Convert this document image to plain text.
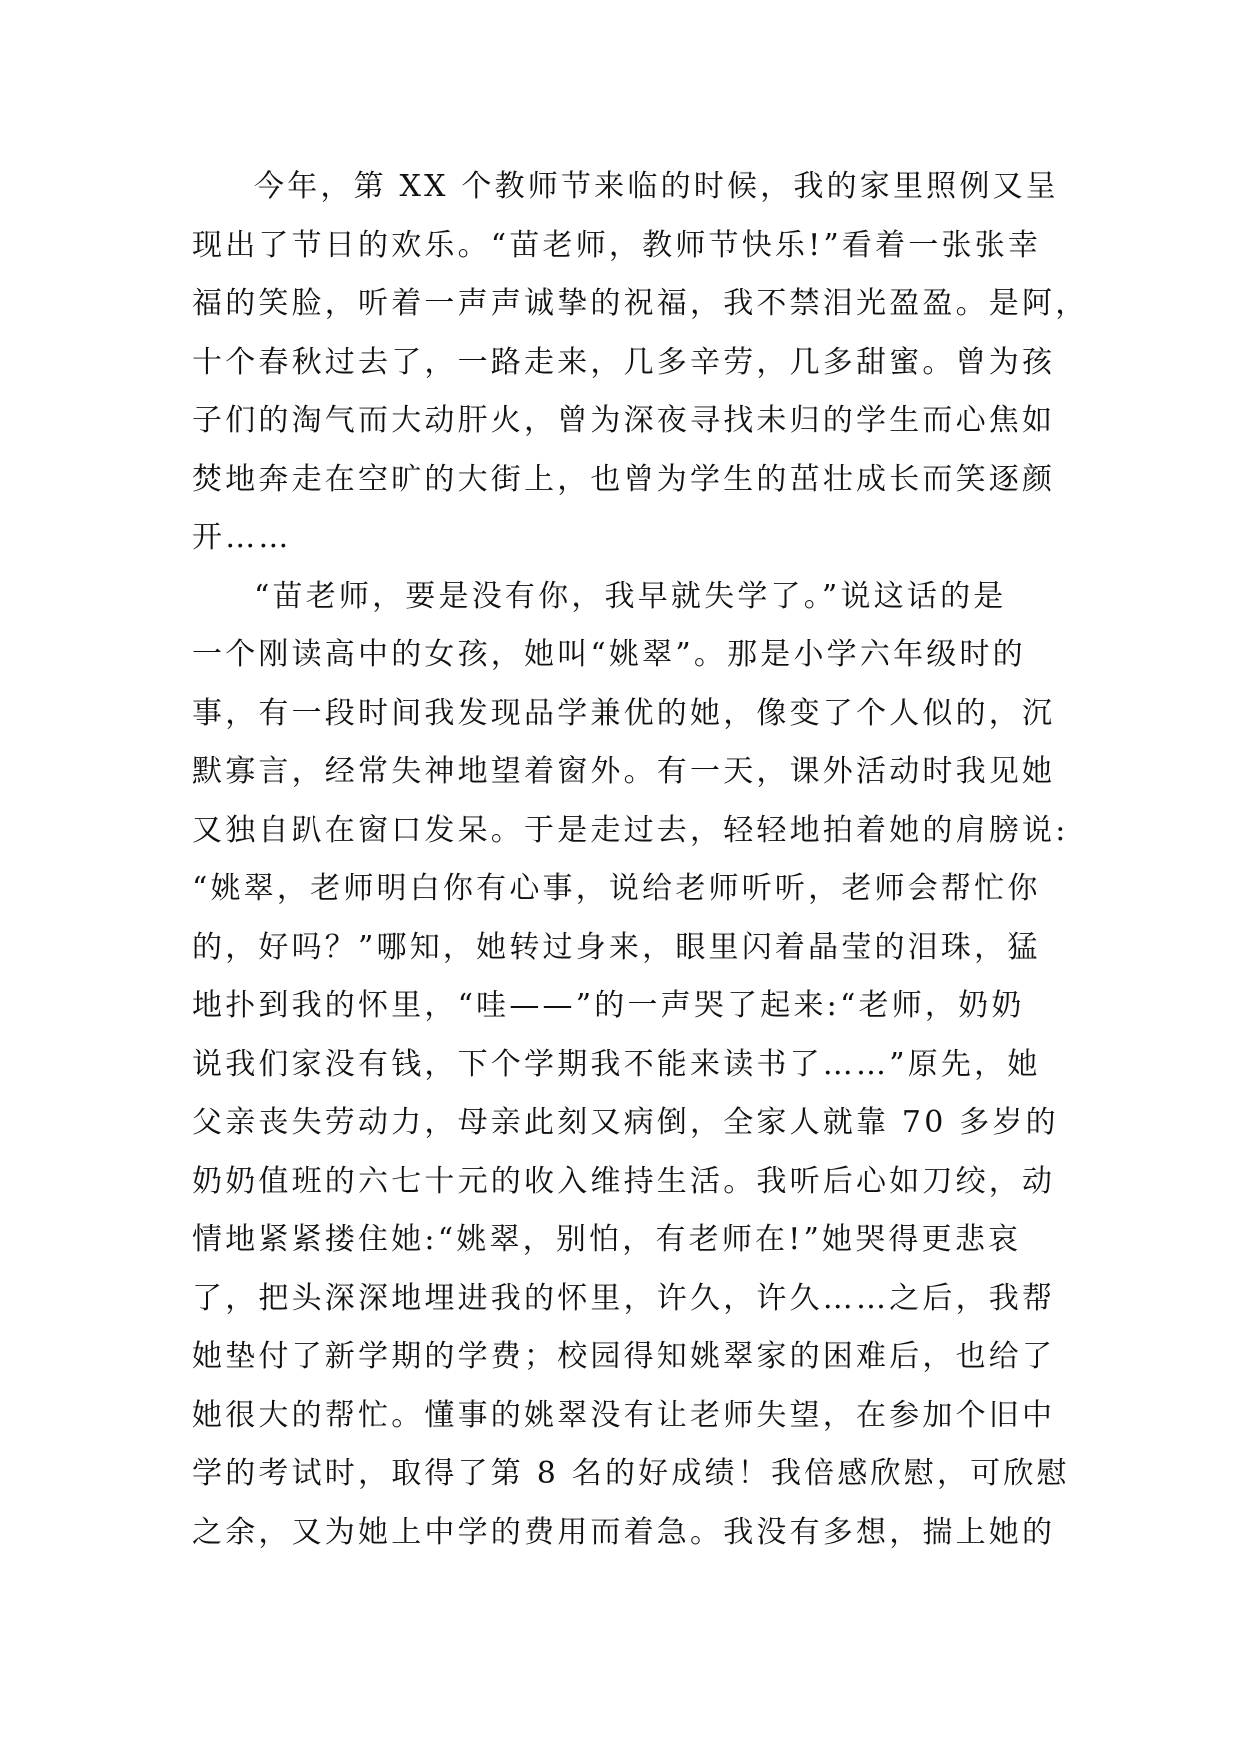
今年，第 XX 个教师节来临的时候，我的家里照例又呈
现出了节日的欢乐。“苗老师，教师节快乐!”看着一张张幸
福的笑脸，听着一声声诚挚的祝福，我不禁泪光盈盈。是阿，
十个春秋过去了，一路走来，几多辛劳，几多甜蜜。曾为孩
子们的淘气而大动肝火，曾为深夜寻找未归的学生而心焦如
焚地奔走在空旷的大街上，也曾为学生的茁壮成长而笑逐颜
开……
“苗老师，要是没有你，我早就失学了。”说这话的是
一个刚读高中的女孩，她叫“姚翠”。那是小学六年级时的
事，有一段时间我发现品学兼优的她，像变了个人似的，沉
默寡言，经常失神地望着窗外。有一天，课外活动时我见她
又独自趴在窗口发呆。于是走过去，轻轻地拍着她的肩膀说:
“姚翠，老师明白你有心事，说给老师听听，老师会帮忙你
的，好吗？”哪知，她转过身来，眼里闪着晶莹的泪珠，猛
地扑到我的怀里，“哇——”的一声哭了起来:“老师，奶奶
说我们家没有钱，下个学期我不能来读书了……”原先，她
父亲丧失劳动力，母亲此刻又病倒，全家人就靠 70 多岁的
奶奶值班的六七十元的收入维持生活。我听后心如刀绞，动
情地紧紧搂住她:“姚翠，别怕，有老师在!”她哭得更悲哀
了，把头深深地埋进我的怀里，许久，许久……之后，我帮
她垫付了新学期的学费；校园得知姚翠家的困难后，也给了
她很大的帮忙。懂事的姚翠没有让老师失望，在参加个旧中
学的考试时，取得了第 8 名的好成绩！我倍感欣慰，可欣慰
之余，又为她上中学的费用而着急。我没有多想，揣上她的
